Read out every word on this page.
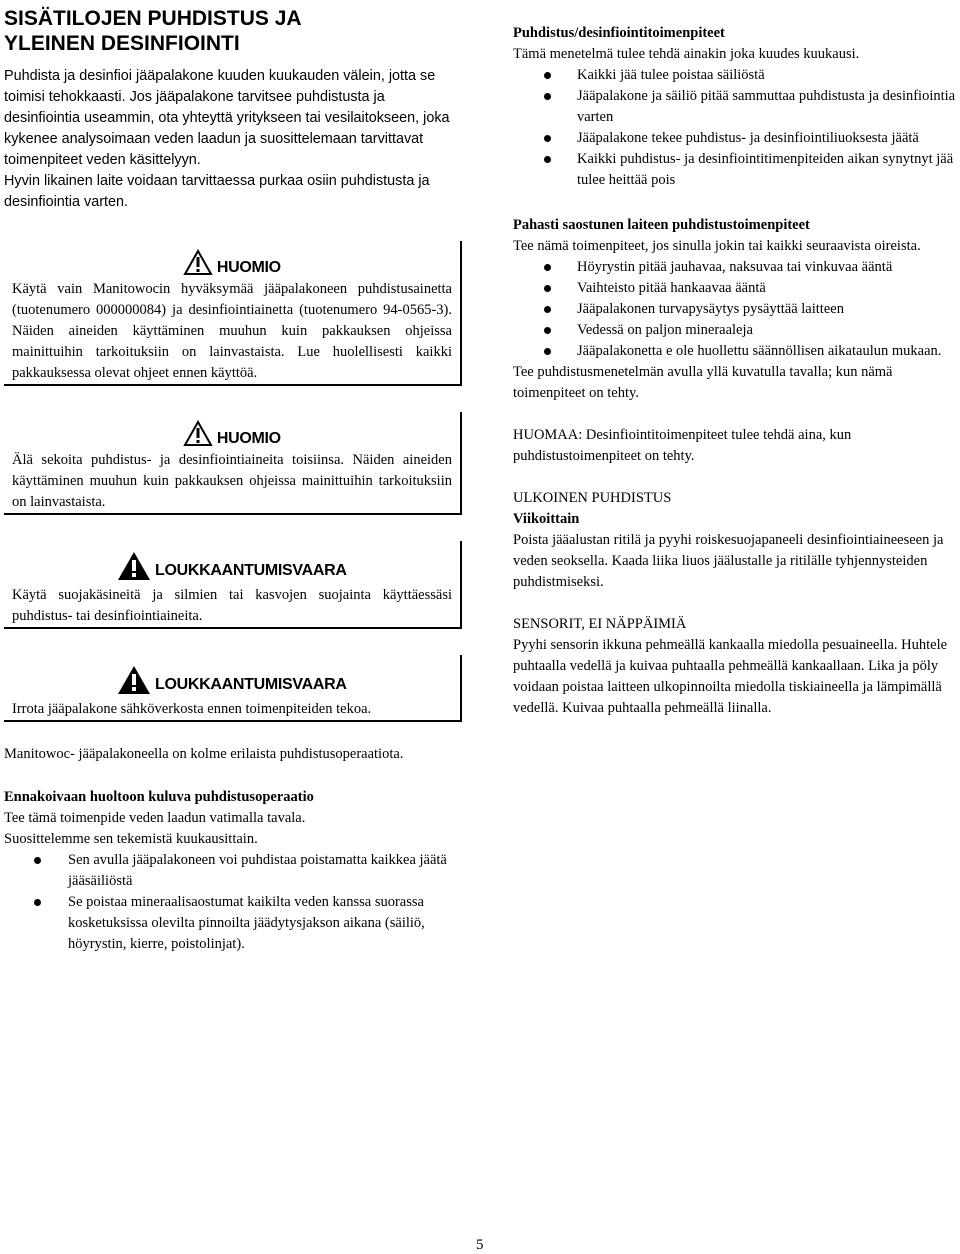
SISÄTILOJEN PUHDISTUS JA
YLEINEN DESINFIOINTI

Puhdista ja desinfioi jääpalakone kuuden kuukauden välein, jotta se toimisi tehokkaasti. Jos jääpalakone tarvitsee puhdistusta ja desinfiointia useammin, ota yhteyttä yritykseen tai vesilaitokseen, joka kykenee analysoimaan veden laadun ja suosittelemaan tarvittavat toimenpiteet veden käsittelyyn.

Hyvin likainen laite voidaan tarvittaessa purkaa osiin puhdistusta ja desinfiointia varten.

HUOMIO

Käytä vain Manitowocin hyväksymää jääpalakoneen puhdistusainetta (tuotenumero 000000084) ja desinfiointiainetta (tuotenumero 94-0565-3). Näiden aineiden käyttäminen muuhun kuin pakkauksen ohjeissa mainittuihin tarkoituksiin on lainvastaista. Lue huolellisesti kaikki pakkauksessa olevat ohjeet ennen käyttöä.

HUOMIO

Älä sekoita puhdistus- ja desinfiointiaineita toisiinsa. Näiden aineiden käyttäminen muuhun kuin pakkauksen ohjeissa mainittuihin tarkoituksiin on lainvastaista.

LOUKKAANTUMISVAARA

Käytä suojakäsineitä ja silmien tai kasvojen suojainta käyttäessäsi puhdistus- tai desinfiointiaineita.

LOUKKAANTUMISVAARA

Irrota jääpalakone sähköverkosta ennen toimenpiteiden tekoa.

Manitowoc- jääpalakoneella on kolme erilaista puhdistusoperaatiota.

Ennakoivaan huoltoon kuluva puhdistusoperaatio

Tee tämä toimenpide veden laadun vatimalla tavala.

Suosittelemme sen tekemistä kuukausittain.

Sen avulla jääpalakoneen voi puhdistaa poistamatta kaikkea jäätä jääsäiliöstä
Se poistaa mineraalisaostumat kaikilta veden kanssa suorassa kosketuksissa olevilta pinnoilta jäädytysjakson aikana (säiliö, höyrystin, kierre, poistolinjat).

Puhdistus/desinfiointitoimenpiteet

Tämä menetelmä tulee tehdä ainakin joka kuudes kuukausi.

Kaikki jää tulee poistaa säiliöstä
Jääpalakone ja säiliö pitää sammuttaa puhdistusta ja desinfiointia varten
Jääpalakone tekee puhdistus- ja desinfiointiliuoksesta jäätä
Kaikki puhdistus- ja desinfiointitimenpiteiden aikan synytnyt jää tulee heittää pois

Pahasti saostunen laiteen puhdistustoimenpiteet

Tee nämä toimenpiteet, jos sinulla jokin tai kaikki seuraavista oireista.

Höyrystin pitää jauhavaa, naksuvaa tai vinkuvaa ääntä
Vaihteisto pitää hankaavaa ääntä
Jääpalakonen turvapysäytys pysäyttää laitteen
Vedessä on paljon mineraaleja
Jääpalakonetta e ole huollettu säännöllisen aikataulun mukaan.

Tee puhdistusmenetelmän avulla yllä kuvatulla tavalla; kun nämä toimenpiteet on tehty.

HUOMAA: Desinfiointitoimenpiteet tulee tehdä aina, kun puhdistustoimenpiteet on tehty.

ULKOINEN PUHDISTUS

Viikoittain

Poista jääalustan ritilä ja pyyhi roiskesuojapaneeli desinfiointiaineeseen ja veden seoksella. Kaada liika liuos jäälustalle ja ritilälle tyhjennysteiden puhdistmiseksi.

SENSORIT, EI NÄPPÄIMIÄ

Pyyhi sensorin ikkuna pehmeällä kankaalla miedolla pesuaineella. Huhtele puhtaalla vedellä ja kuivaa puhtaalla pehmeällä kankaallaan. Lika ja pöly voidaan poistaa laitteen ulkopinnoilta miedolla tiskiaineella ja lämpimällä vedellä. Kuivaa puhtaalla pehmeällä liinalla.

5
